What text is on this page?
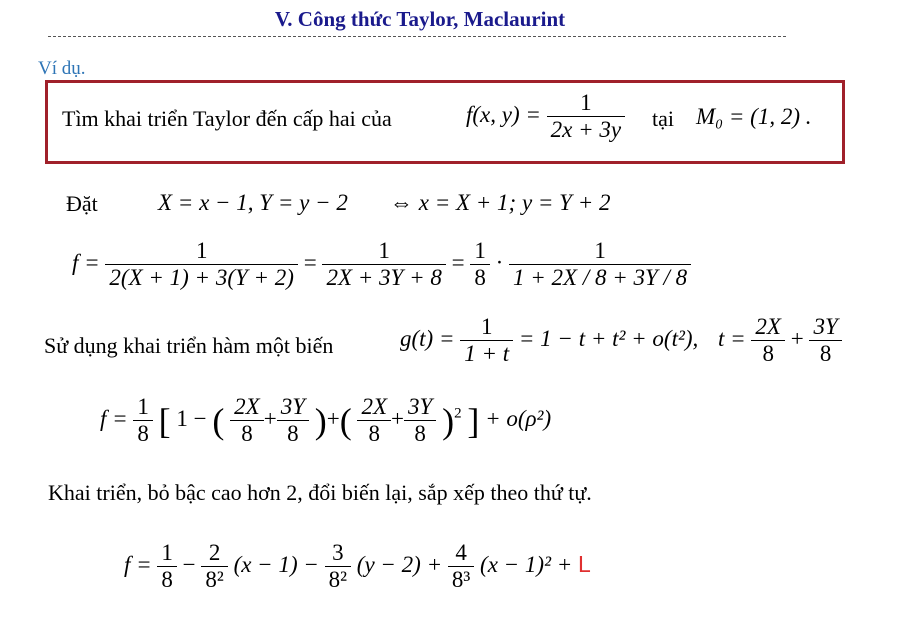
V. Công thức Taylor, Maclaurint
Ví dụ.
Tìm khai triển Taylor đến cấp hai của	f(x, $y) = \frac{1}{2x + 3y}$ tại M₀ = (1, 2) .
Đặt	X = x − 1, Y = y − 2 ⇔ x = X + 1; y = Y + 2
$f = \frac{1}{2(X + 1) + 3(Y + 2)} = \frac{1}{2X + 3Y + 8} = \frac{1}{8} \cdot \frac{1}{1 + 2X / 8 + 3Y / 8}$
Sử dụng khai triển hàm một biến	$g(t) = \frac{1}{1 + t} = 1 - t + t^2 + o(t^2)$, $t = \frac{2X}{8} + \frac{3Y}{8}$
$f = \frac{1}{8}$ [ 1 − ( $\frac{2X}{8} + \frac{3Y}{8}$ )+( $\frac{2X}{8} + \frac{3Y}{8} )^2$ ] + o(ρ²)
Khai triển, bỏ bậc cao hơn 2, đổi biến lại, sắp xếp theo thứ tự.
$f = \frac{1}{8} - \frac{2}{\text{8²}} (x - 1) - \frac{3}{\text{8²}} (y - 2) + \frac{4}{\text{8³}} (x - 1)^2 + L$
